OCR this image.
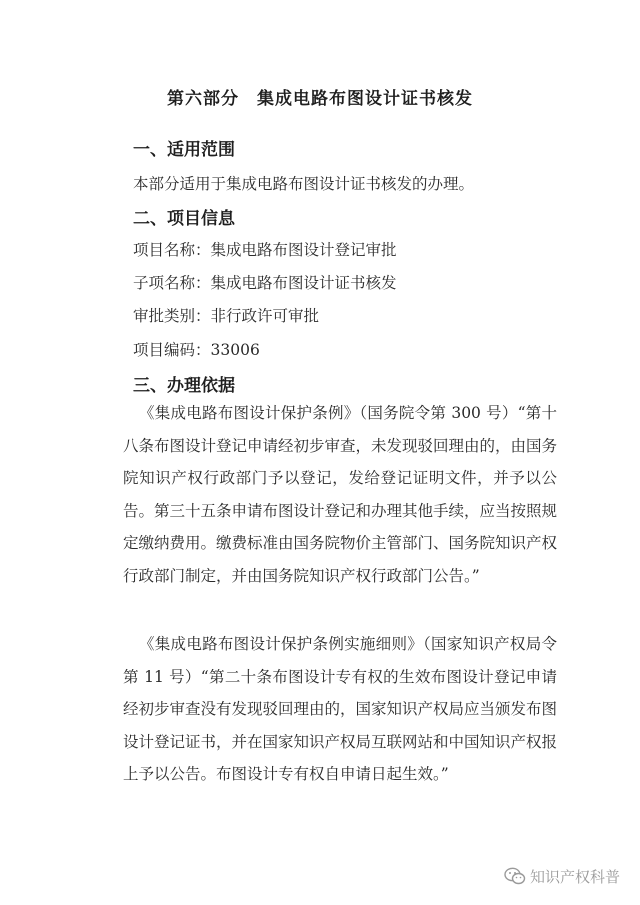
第六部分　集成电路布图设计证书核发
一、适用范围
本部分适用于集成电路布图设计证书核发的办理。
二、项目信息
项目名称：集成电路布图设计登记审批
子项名称：集成电路布图设计证书核发
审批类别：非行政许可审批
项目编码：33006
三、办理依据
《集成电路布图设计保护条例》（国务院令第 300 号）“第十八条布图设计登记申请经初步审查，未发现驳回理由的，由国务院知识产权行政部门予以登记，发给登记证明文件，并予以公告。第三十五条申请布图设计登记和办理其他手续，应当按照规定缴纳费用。缴费标准由国务院物价主管部门、国务院知识产权行政部门制定，并由国务院知识产权行政部门公告。”
《集成电路布图设计保护条例实施细则》（国家知识产权局令第 11 号）“第二十条布图设计专有权的生效布图设计登记申请经初步审查没有发现驳回理由的，国家知识产权局应当颁发布图设计登记证书，并在国家知识产权局互联网站和中国知识产权报上予以公告。布图设计专有权自申请日起生效。”
知识产权科普
